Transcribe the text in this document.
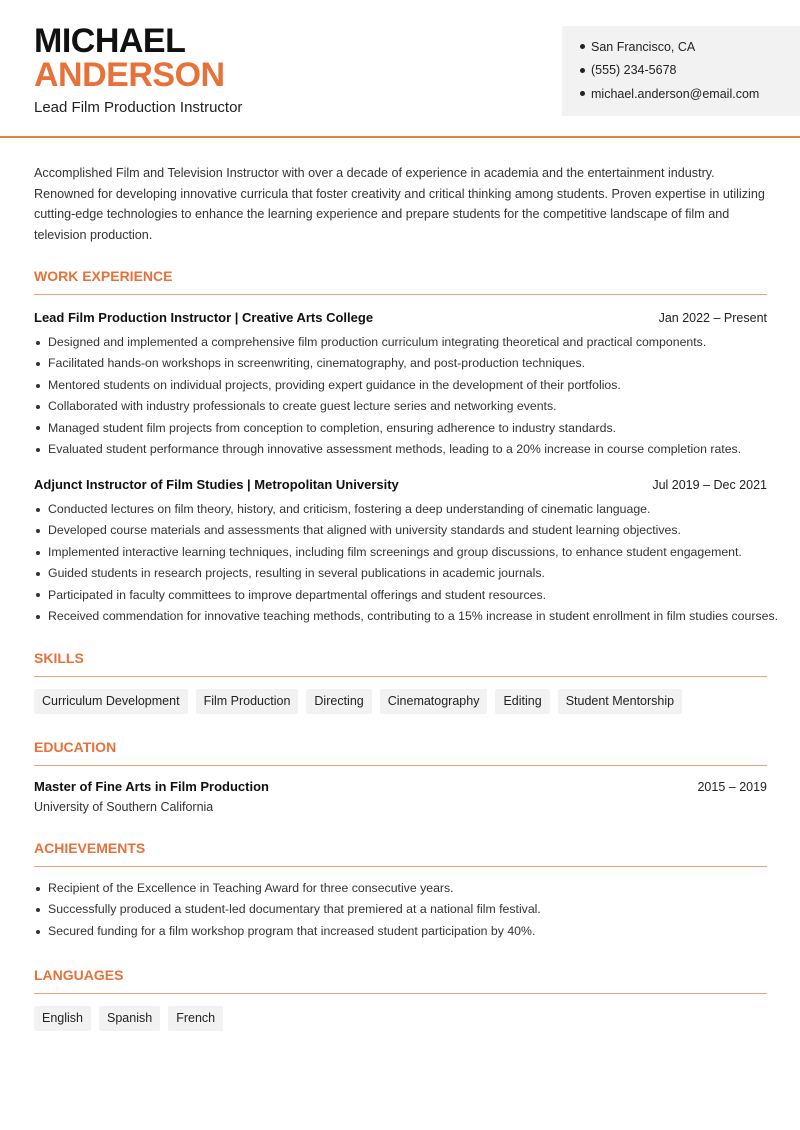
MICHAEL
ANDERSON
Lead Film Production Instructor
San Francisco, CA
(555) 234-5678
michael.anderson@email.com

Accomplished Film and Television Instructor with over a decade of experience in academia and the entertainment industry. Renowned for developing innovative curricula that foster creativity and critical thinking among students. Proven expertise in utilizing cutting-edge technologies to enhance the learning experience and prepare students for the competitive landscape of film and television production.

WORK EXPERIENCE
Lead Film Production Instructor | Creative Arts College	Jan 2022 – Present
Designed and implemented a comprehensive film production curriculum integrating theoretical and practical components.
Facilitated hands-on workshops in screenwriting, cinematography, and post-production techniques.
Mentored students on individual projects, providing expert guidance in the development of their portfolios.
Collaborated with industry professionals to create guest lecture series and networking events.
Managed student film projects from conception to completion, ensuring adherence to industry standards.
Evaluated student performance through innovative assessment methods, leading to a 20% increase in course completion rates.
Adjunct Instructor of Film Studies | Metropolitan University	Jul 2019 – Dec 2021
Conducted lectures on film theory, history, and criticism, fostering a deep understanding of cinematic language.
Developed course materials and assessments that aligned with university standards and student learning objectives.
Implemented interactive learning techniques, including film screenings and group discussions, to enhance student engagement.
Guided students in research projects, resulting in several publications in academic journals.
Participated in faculty committees to improve departmental offerings and student resources.
Received commendation for innovative teaching methods, contributing to a 15% increase in student enrollment in film studies courses.
SKILLS
Curriculum Development	Film Production	Directing	Cinematography	Editing	Student Mentorship
EDUCATION
Master of Fine Arts in Film Production	2015 – 2019
University of Southern California
ACHIEVEMENTS
Recipient of the Excellence in Teaching Award for three consecutive years.
Successfully produced a student-led documentary that premiered at a national film festival.
Secured funding for a film workshop program that increased student participation by 40%.
LANGUAGES
English	Spanish	French
